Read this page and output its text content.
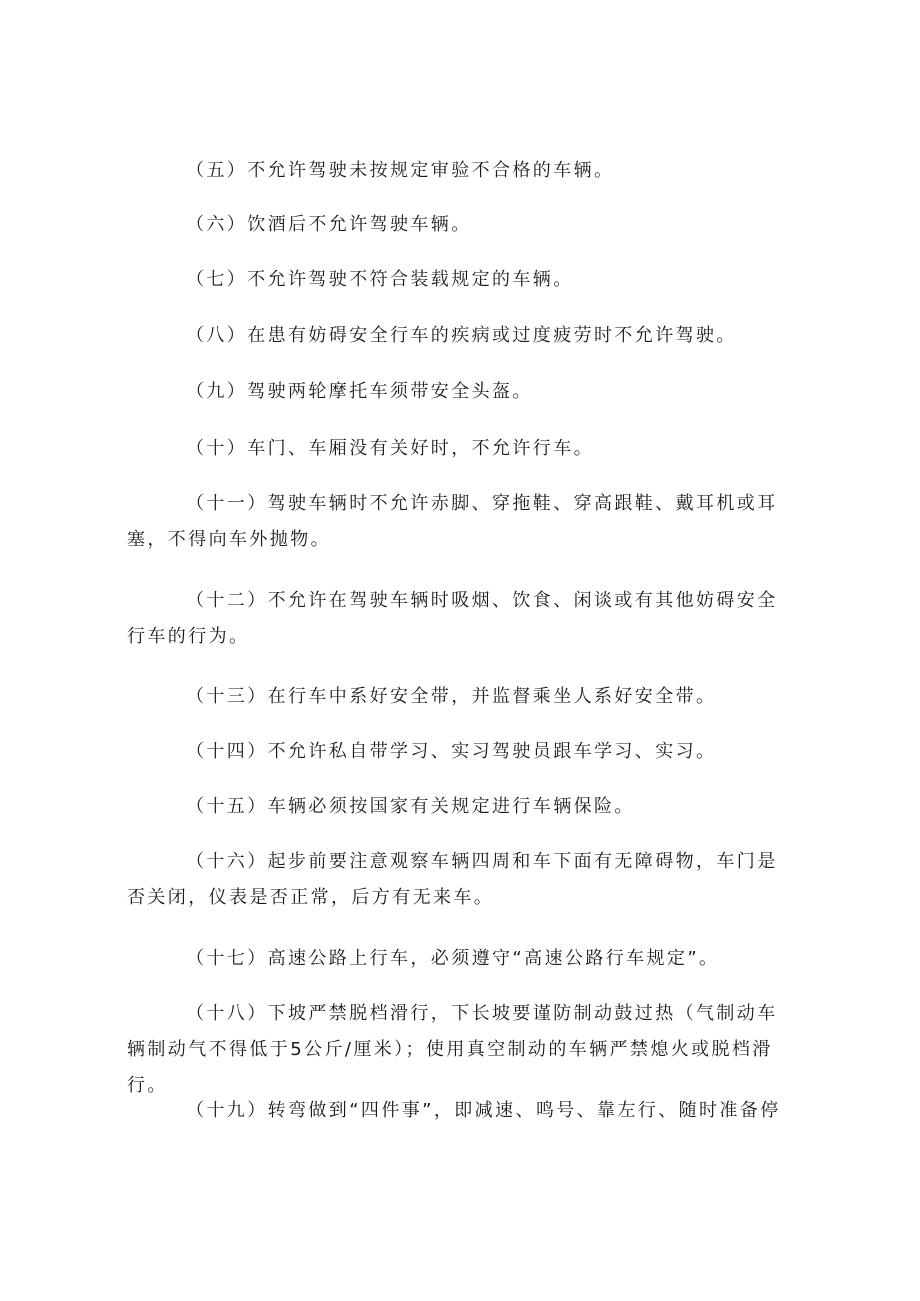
（五）不允许驾驶未按规定审验不合格的车辆。

（六）饮酒后不允许驾驶车辆。

（七）不允许驾驶不符合装载规定的车辆。

（八）在患有妨碍安全行车的疾病或过度疲劳时不允许驾驶。

（九）驾驶两轮摩托车须带安全头盔。

（十）车门、车厢没有关好时，不允许行车。

（十一）驾驶车辆时不允许赤脚、穿拖鞋、穿高跟鞋、戴耳机或耳塞，不得向车外抛物。

（十二）不允许在驾驶车辆时吸烟、饮食、闲谈或有其他妨碍安全行车的行为。

（十三）在行车中系好安全带，并监督乘坐人系好安全带。

（十四）不允许私自带学习、实习驾驶员跟车学习、实习。

（十五）车辆必须按国家有关规定进行车辆保险。

（十六）起步前要注意观察车辆四周和车下面有无障碍物，车门是否关闭，仪表是否正常，后方有无来车。

（十七）高速公路上行车，必须遵守“高速公路行车规定”。

（十八）下坡严禁脱档滑行，下长坡要谨防制动鼓过热（气制动车辆制动气不得低于5公斤/厘米）；使用真空制动的车辆严禁熄火或脱档滑行。

（十九）转弯做到“四件事”，即减速、鸣号、靠左行、随时准备停
